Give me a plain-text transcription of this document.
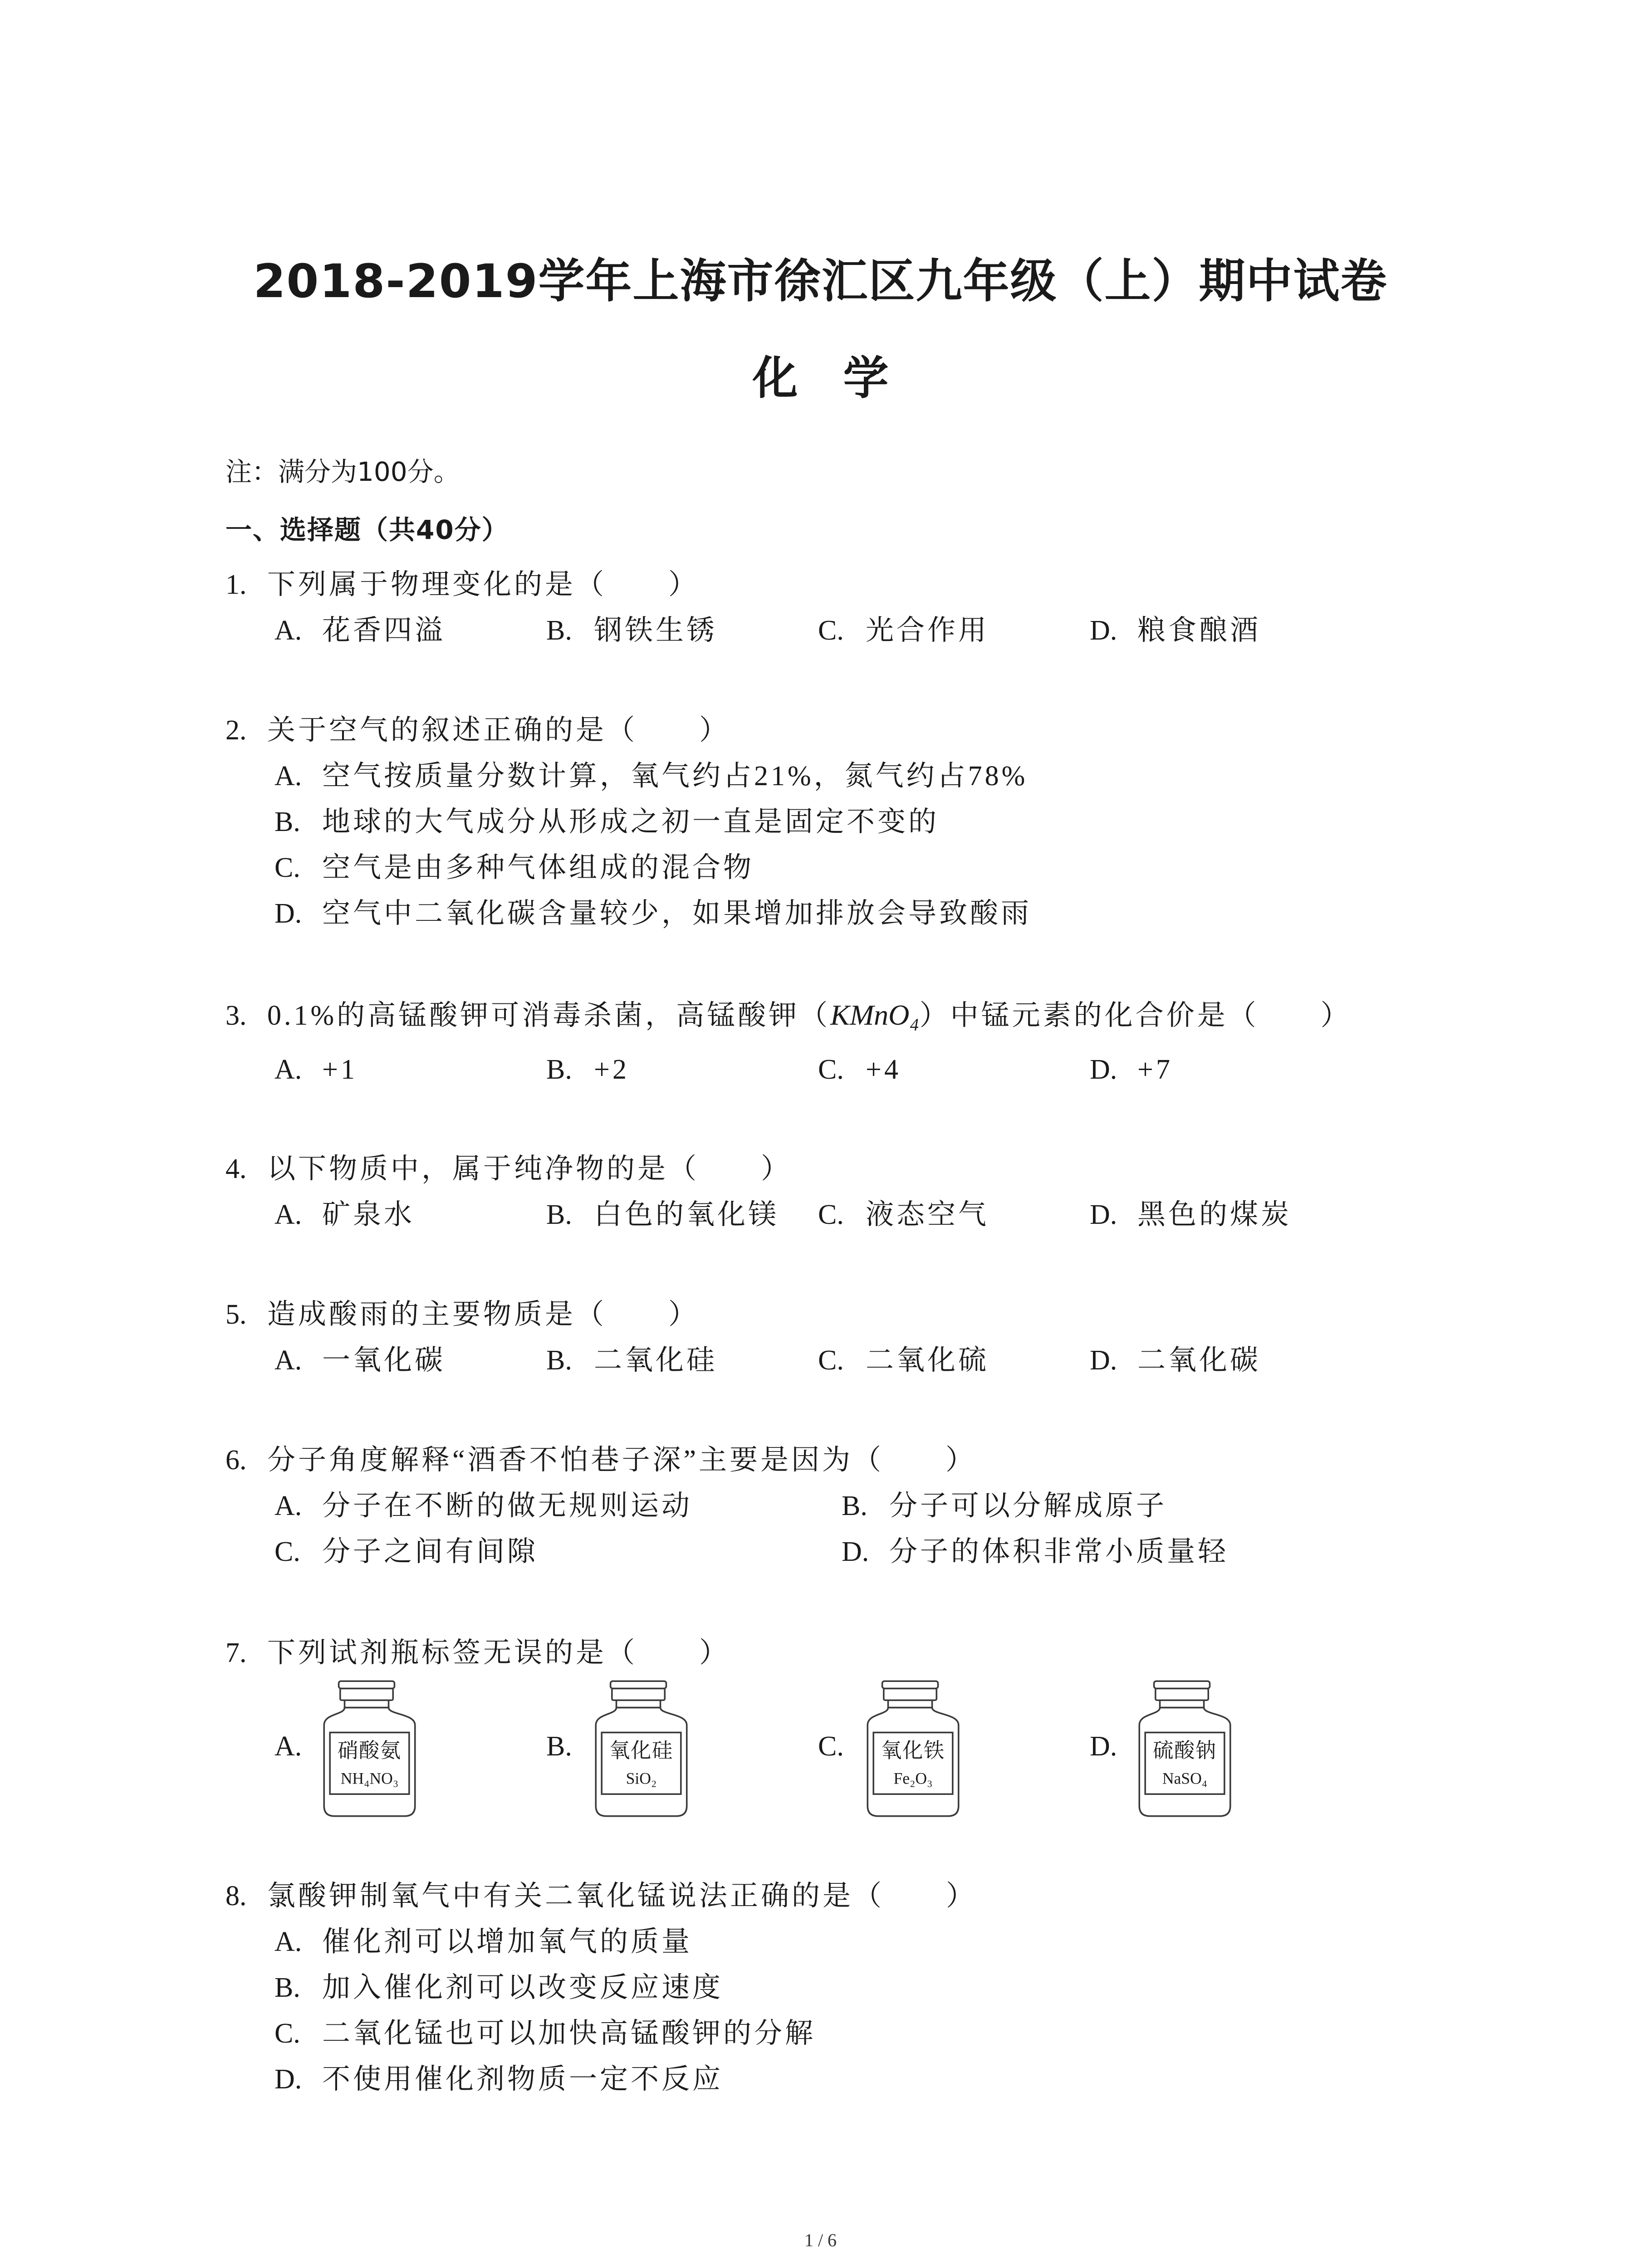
2018-2019学年上海市徐汇区九年级（上）期中试卷
化　学
注：满分为100分。
一、选择题（共40分）
1. 下列属于物理变化的是（　　）
A. 花香四溢	B. 钢铁生锈	C. 光合作用	D. 粮食酿酒
2. 关于空气的叙述正确的是（　　）
A. 空气按质量分数计算，氧气约占21%，氮气约占78%
B. 地球的大气成分从形成之初一直是固定不变的
C. 空气是由多种气体组成的混合物
D. 空气中二氧化碳含量较少，如果增加排放会导致酸雨
3. 0.1%的高锰酸钾可消毒杀菌，高锰酸钾（KMnO₄）中锰元素的化合价是（　　）
A. +1	B. +2	C. +4	D. +7
4. 以下物质中，属于纯净物的是（　　）
A. 矿泉水	B. 白色的氧化镁	C. 液态空气	D. 黑色的煤炭
5. 造成酸雨的主要物质是（　　）
A. 一氧化碳	B. 二氧化硅	C. 二氧化硫	D. 二氧化碳
6. 分子角度解释“酒香不怕巷子深”主要是因为（　　）
A. 分子在不断的做无规则运动	B. 分子可以分解成原子
C. 分子之间有间隙	D. 分子的体积非常小质量轻
7. 下列试剂瓶标签无误的是（　　）
A.	硝酸氨
NH₄NO₃
B.	氧化硅
SiO₂
C.	氧化铁
Fe₂O₃
D.	硫酸钠
NaSO₄
8. 氯酸钾制氧气中有关二氧化锰说法正确的是（　　）
A. 催化剂可以增加氧气的质量
B. 加入催化剂可以改变反应速度
C. 二氧化锰也可以加快高锰酸钾的分解
D. 不使用催化剂物质一定不反应
1 / 6
